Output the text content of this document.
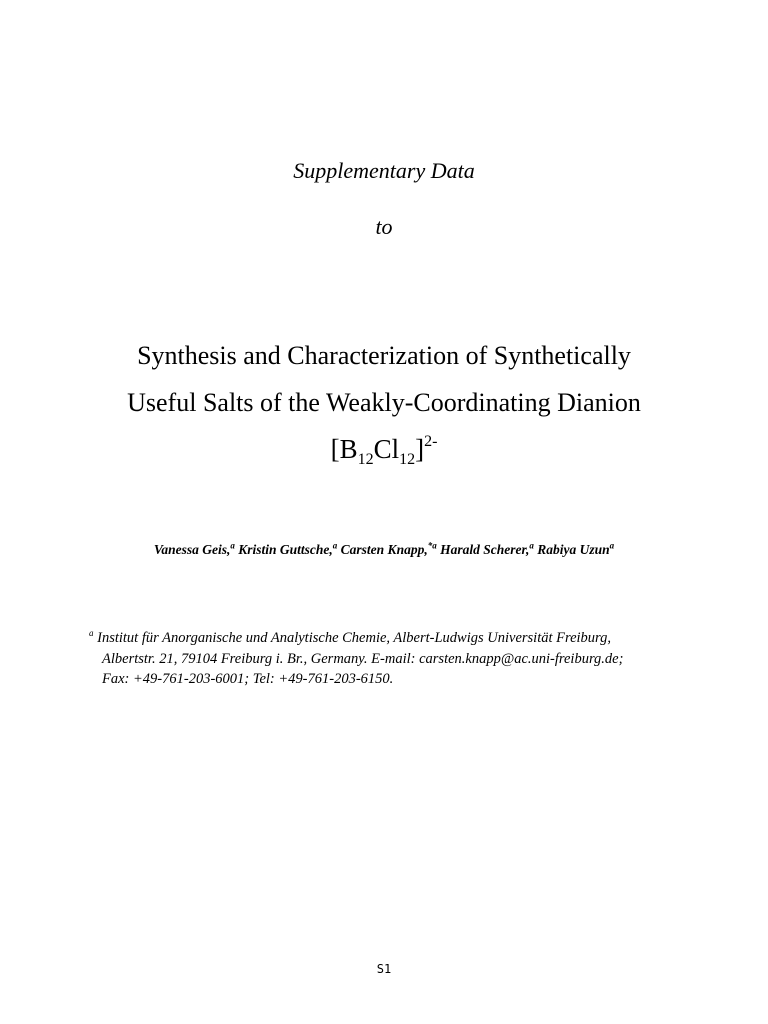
Supplementary Data
to
Synthesis and Characterization of Synthetically
Useful Salts of the Weakly-Coordinating Dianion
$[B_{12}Cl_{12}]^{2-}$
Vanessa Geis,$^a$ Kristin Guttsche,$^a$ Carsten Knapp,$^{*a}$ Harald Scherer,$^a$ Rabiya Uzun$^a$
$^a$ Institut für Anorganische und Analytische Chemie, Albert-Ludwigs Universität Freiburg,
Albertstr. 21, 79104 Freiburg i. Br., Germany. E-mail: carsten.knapp@ac.uni-freiburg.de;
Fax: +49-761-203-6001; Tel: +49-761-203-6150.
S1
